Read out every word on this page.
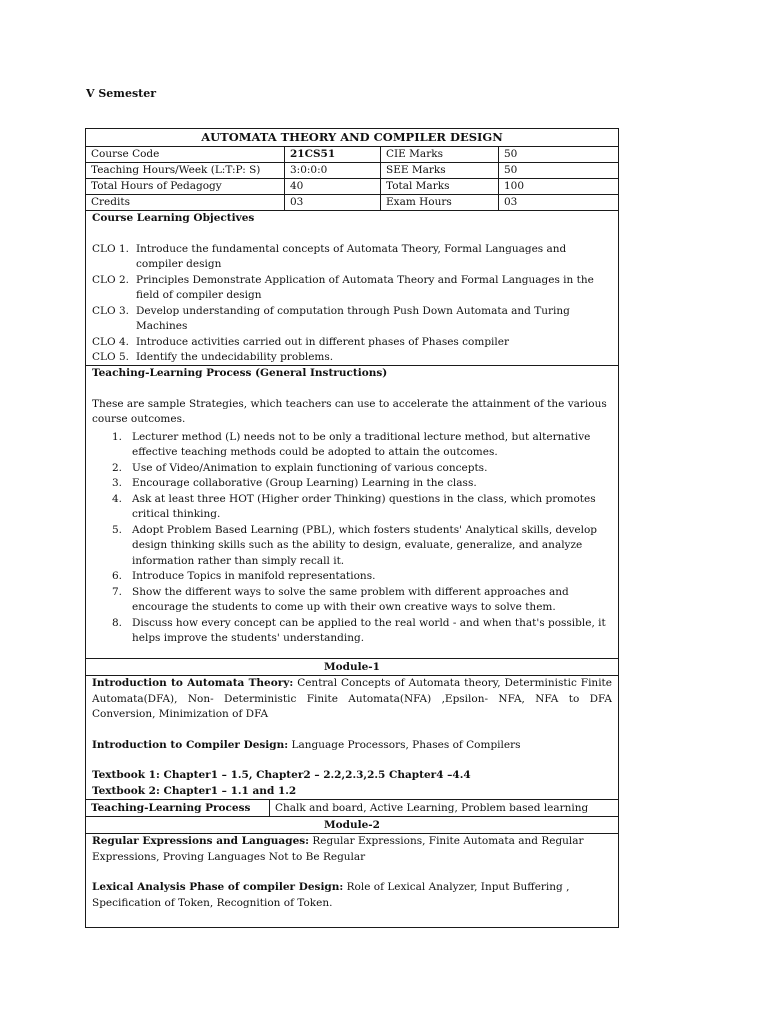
V Semester
AUTOMATA THEORY AND COMPILER DESIGN
Course Code	21CS51	CIE Marks	50
Teaching Hours/Week (L:T:P: S)	3:0:0:0	SEE Marks	50
Total Hours of Pedagogy	40	Total Marks	100
Credits	03	Exam Hours	03
Course Learning Objectives
CLO 1. Introduce the fundamental concepts of Automata Theory, Formal Languages and compiler design
CLO 2. Principles Demonstrate Application of Automata Theory and Formal Languages in the field of compiler design
CLO 3. Develop understanding of computation through Push Down Automata and Turing Machines
CLO 4. Introduce activities carried out in different phases of Phases compiler
CLO 5. Identify the undecidability problems.
Teaching-Learning Process (General Instructions)
These are sample Strategies, which teachers can use to accelerate the attainment of the various course outcomes.
1. Lecturer method (L) needs not to be only a traditional lecture method, but alternative effective teaching methods could be adopted to attain the outcomes.
2. Use of Video/Animation to explain functioning of various concepts.
3. Encourage collaborative (Group Learning) Learning in the class.
4. Ask at least three HOT (Higher order Thinking) questions in the class, which promotes critical thinking.
5. Adopt Problem Based Learning (PBL), which fosters students' Analytical skills, develop design thinking skills such as the ability to design, evaluate, generalize, and analyze information rather than simply recall it.
6. Introduce Topics in manifold representations.
7. Show the different ways to solve the same problem with different approaches and encourage the students to come up with their own creative ways to solve them.
8. Discuss how every concept can be applied to the real world - and when that's possible, it helps improve the students' understanding.
Module-1
Introduction to Automata Theory: Central Concepts of Automata theory, Deterministic Finite Automata(DFA), Non- Deterministic Finite Automata(NFA) ,Epsilon- NFA, NFA to DFA Conversion, Minimization of DFA
Introduction to Compiler Design: Language Processors, Phases of Compilers
Textbook 1: Chapter1 – 1.5, Chapter2 – 2.2,2.3,2.5 Chapter4 –4.4
Textbook 2: Chapter1 – 1.1 and 1.2
Teaching-Learning Process	Chalk and board, Active Learning, Problem based learning
Module-2
Regular Expressions and Languages: Regular Expressions, Finite Automata and Regular Expressions, Proving Languages Not to Be Regular
Lexical Analysis Phase of compiler Design: Role of Lexical Analyzer, Input Buffering , Specification of Token, Recognition of Token.
